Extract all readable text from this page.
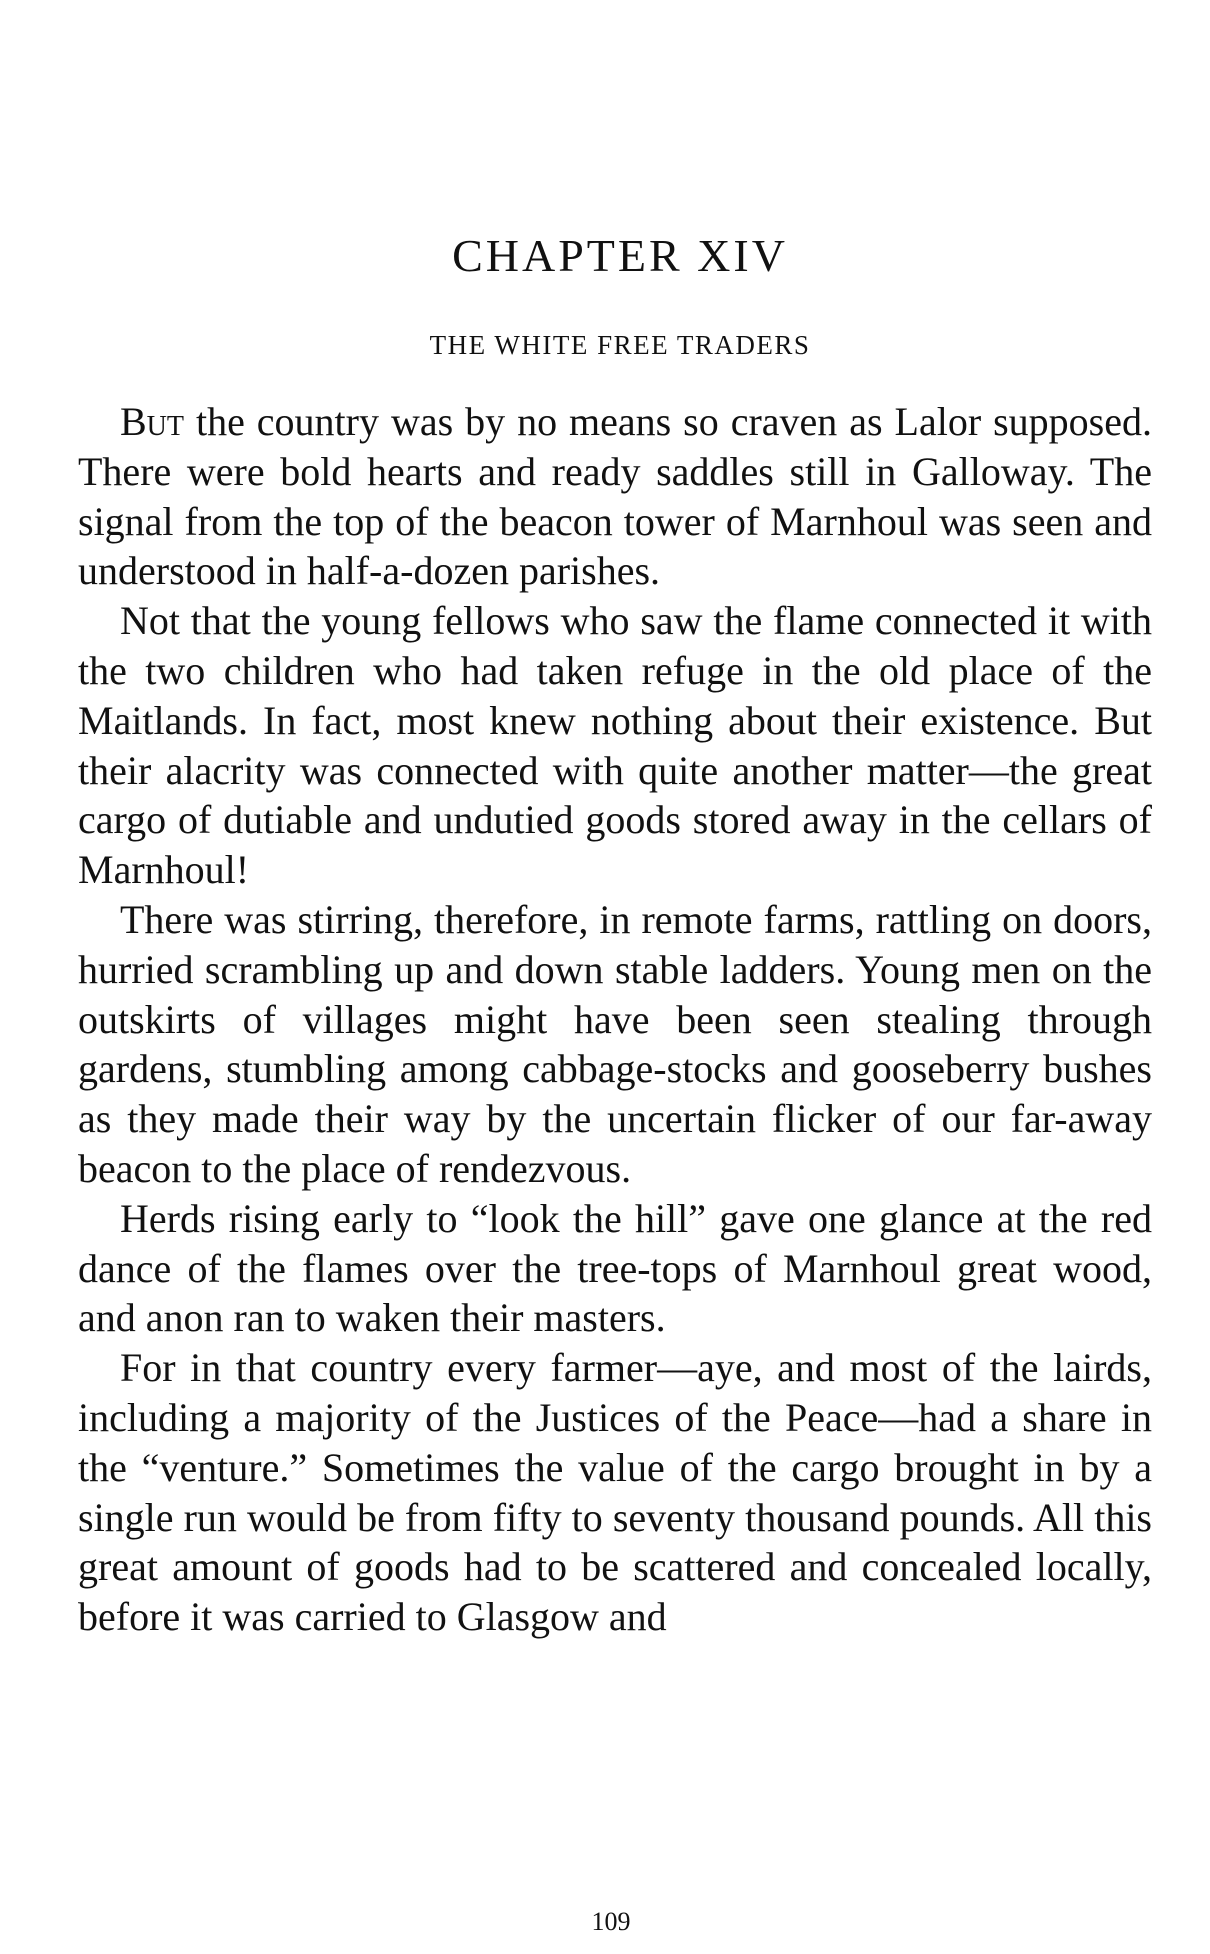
CHAPTER XIV
THE WHITE FREE TRADERS

But the country was by no means so craven as Lalor supposed. There were bold hearts and ready saddles still in Galloway. The signal from the top of the beacon tower of Marnhoul was seen and understood in half-a-dozen parishes.

Not that the young fellows who saw the flame connected it with the two children who had taken refuge in the old place of the Maitlands. In fact, most knew nothing about their existence. But their alacrity was connected with quite another matter—the great cargo of dutiable and undutied goods stored away in the cellars of Marnhoul!

There was stirring, therefore, in remote farms, rattling on doors, hurried scrambling up and down stable ladders. Young men on the outskirts of villages might have been seen stealing through gardens, stumbling among cabbage-stocks and gooseberry bushes as they made their way by the uncertain flicker of our far-away beacon to the place of rendezvous.

Herds rising early to “look the hill” gave one glance at the red dance of the flames over the tree-tops of Marnhoul great wood, and anon ran to waken their masters.

For in that country every farmer—aye, and most of the lairds, including a majority of the Justices of the Peace—had a share in the “venture.” Sometimes the value of the cargo brought in by a single run would be from fifty to seventy thousand pounds. All this great amount of goods had to be scattered and concealed locally, before it was carried to Glasgow and

109
